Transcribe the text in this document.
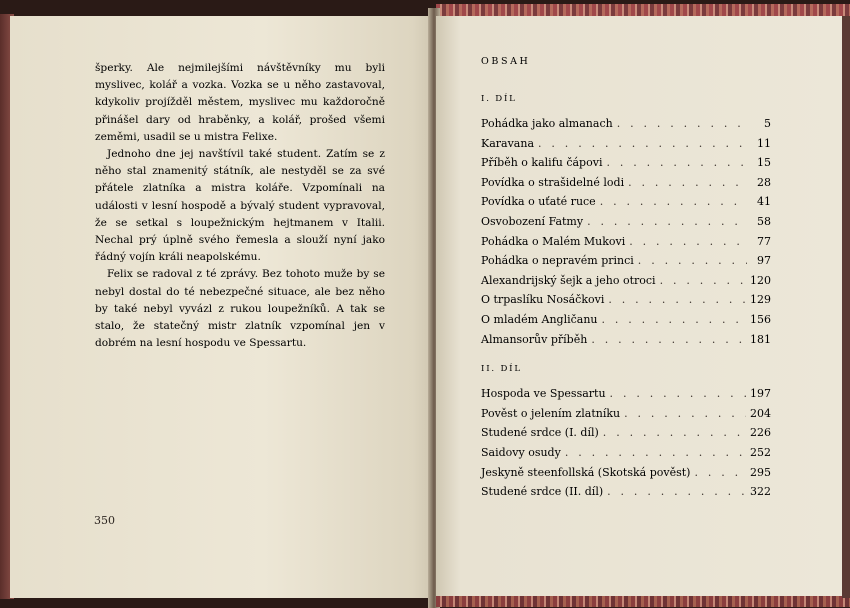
šperky. Ale nejmilejšími návštěvníky mu byli myslivec, kolář a vozka. Vozka se u něho zastavoval, kdykoliv projížděl městem, myslivec mu každoročně přinášel dary od hraběnky, a kolář, prošed všemi zeměmi, usadil se u mistra Felixe.

Jednoho dne jej navštívil také student. Zatím se z něho stal znamenitý státník, ale nestyděl se za své přátele zlatníka a mistra koláře. Vzpomínali na události v lesní hospodě a bývalý student vypravoval, že se setkal s loupežnickým hejtmanem v Italii. Nechal prý úplně svého řemesla a slouží nyní jako řádný vojín králi neapolskému.

Felix se radoval z té zprávy. Bez tohoto muže by se nebyl dostal do té nebezpečné situace, ale bez něho by také nebyl vyvázl z rukou loupežníků. A tak se stalo, že statečný mistr zlatník vzpomínal jen v dobrém na lesní hospodu ve Spessartu.

350
OBSAH
I. DÍL
Pohádka jako almanach . . .	5
Karavana . . .	11
Příběh o kalifu čápovi . . .	15
Povídka o strašidelné lodi . . .	28
Povídka o uťaté ruce . . .	41
Osvobození Fatmy . . .	58
Pohádka o Malém Mukovi . . .	77
Pohádka o nepravém princi . . .	97
Alexandrijský šejk a jeho otroci . . .	120
O trpaslíku Nosáčkovi . . .	129
O mladém Angličanu . . .	156
Almansorův příběh . . .	181
II. DÍL
Hospoda ve Spessartu . . .	197
Pověst o jelením zlatníku . . .	204
Studené srdce (I. díl) . . .	226
Saidovy osudy . . .	252
Jeskyně steenfollská (Skotská pověst) . . .	295
Studené srdce (II. díl) . . .	322
